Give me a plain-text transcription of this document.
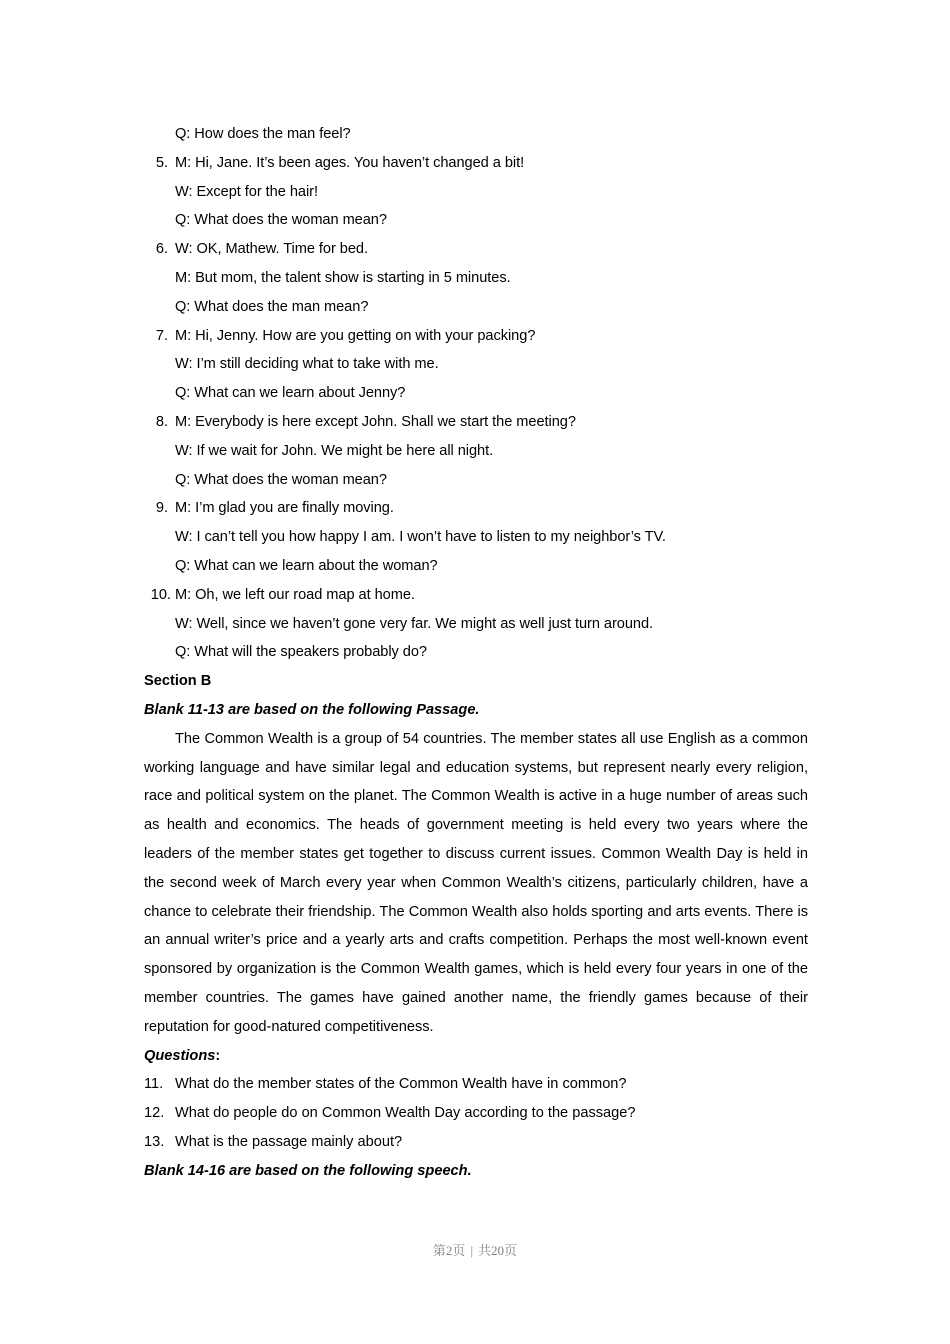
Q: How does the man feel?
5. M: Hi, Jane. It’s been ages. You haven’t changed a bit!
W: Except for the hair!
Q: What does the woman mean?
6. W: OK, Mathew. Time for bed.
M: But mom, the talent show is starting in 5 minutes.
Q: What does the man mean?
7. M: Hi, Jenny. How are you getting on with your packing?
W: I’m still deciding what to take with me.
Q: What can we learn about Jenny?
8. M: Everybody is here except John. Shall we start the meeting?
W: If we wait for John. We might be here all night.
Q: What does the woman mean?
9. M: I’m glad you are finally moving.
W: I can’t tell you how happy I am. I won’t have to listen to my neighbor’s TV.
Q: What can we learn about the woman?
10. M: Oh, we left our road map at home.
W: Well, since we haven’t gone very far. We might as well just turn around.
Q: What will the speakers probably do?
Section B
Blank 11-13 are based on the following Passage.

The Common Wealth is a group of 54 countries. The member states all use English as a common working language and have similar legal and education systems, but represent nearly every religion, race and political system on the planet. The Common Wealth is active in a huge number of areas such as health and economics. The heads of government meeting is held every two years where the leaders of the member states get together to discuss current issues. Common Wealth Day is held in the second week of March every year when Common Wealth’s citizens, particularly children, have a chance to celebrate their friendship. The Common Wealth also holds sporting and arts events. There is an annual writer’s price and a yearly arts and crafts competition. Perhaps the most well-known event sponsored by organization is the Common Wealth games, which is held every four years in one of the member countries. The games have gained another name, the friendly games because of their reputation for good-natured competitiveness.

Questions:
11. What do the member states of the Common Wealth have in common?
12. What do people do on Common Wealth Day according to the passage?
13. What is the passage mainly about?
Blank 14-16 are based on the following speech.
第2页 | 共20页
